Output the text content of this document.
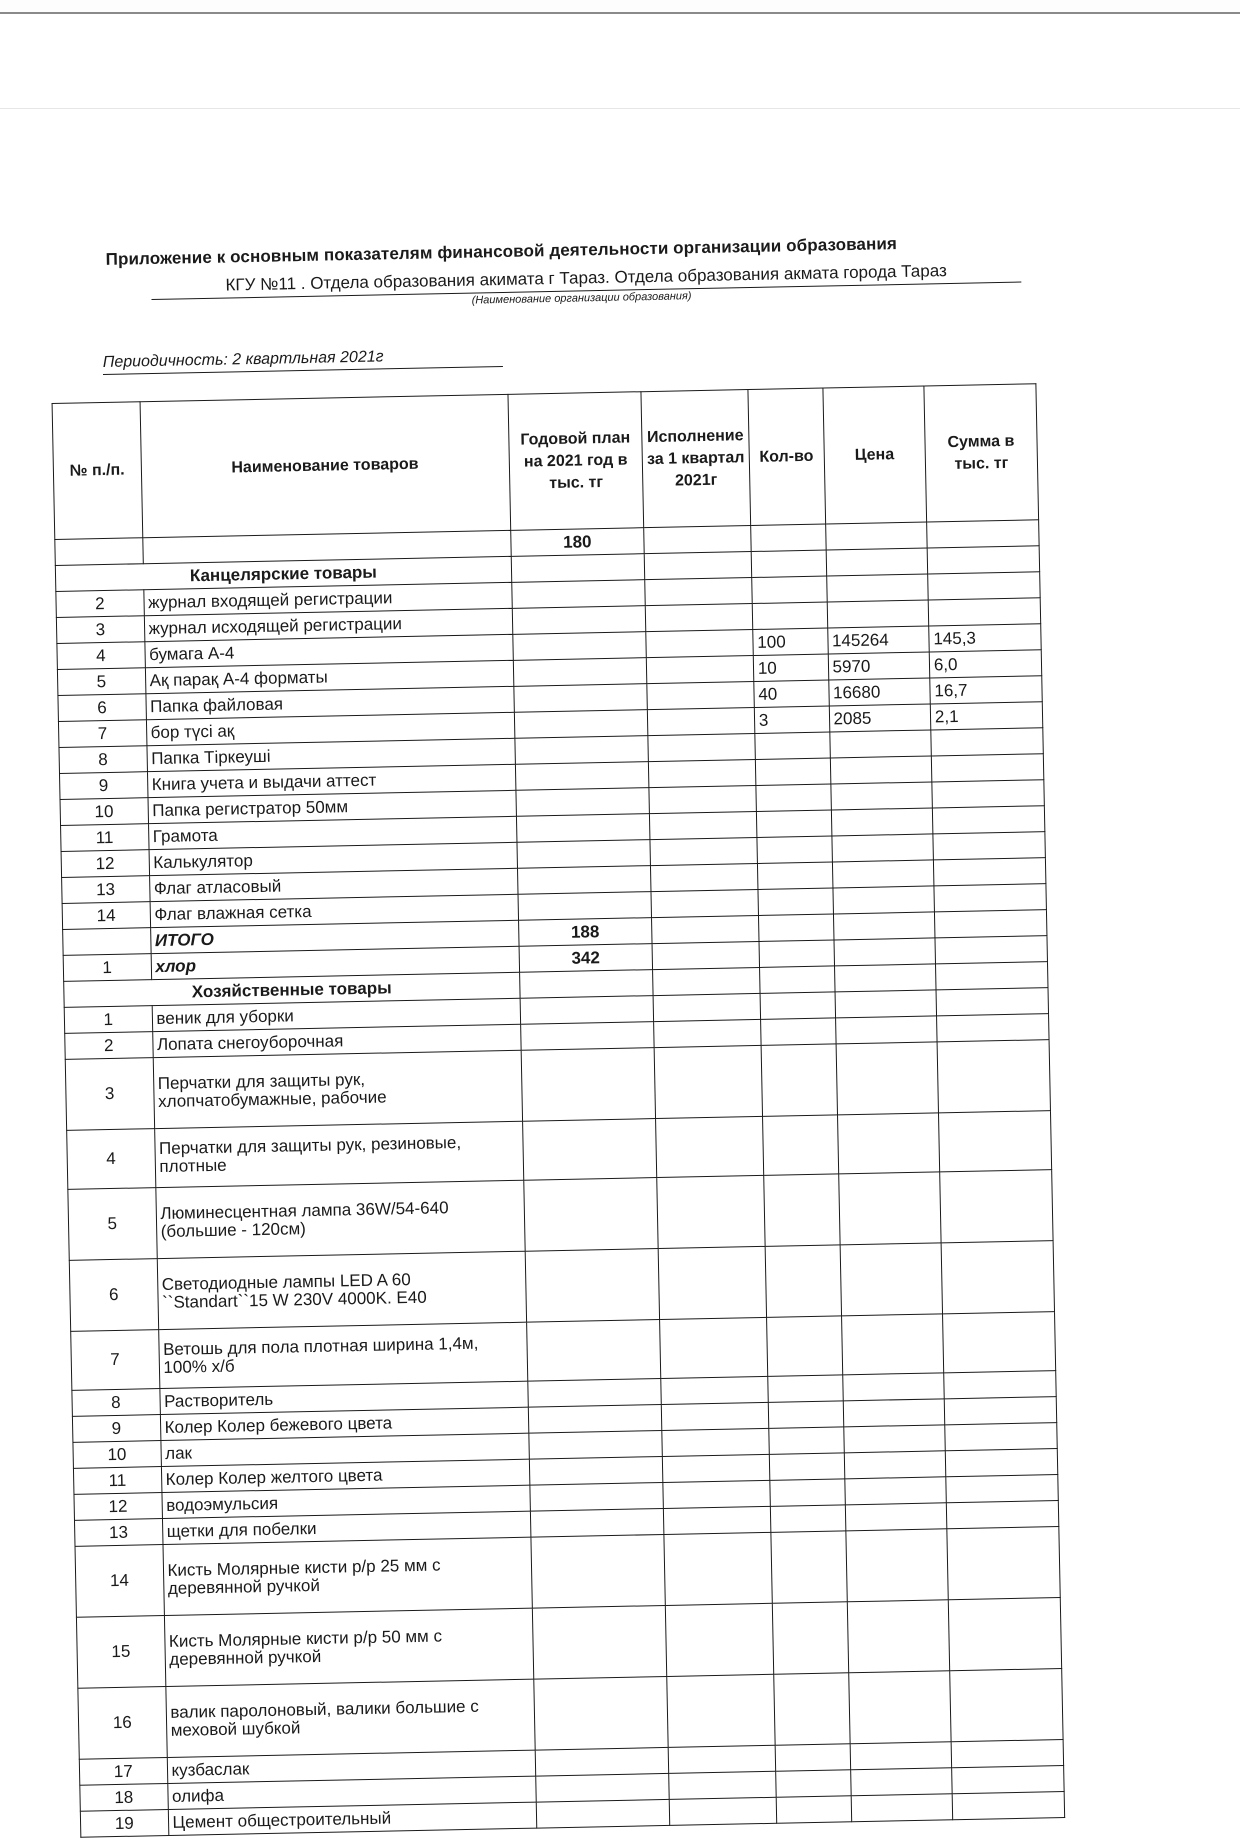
Приложение к основным показателям финансовой деятельности организации образования
КГУ №11 . Отдела образования акимата г Тараз. Отдела образования акмата города Тараз
(Наименование организации образования)
Периодичность: 2 квартльная 2021г
№ п./п.	Наименование товаров	Годовой план на 2021 год в тыс. тг	Исполнение за 1 квартал 2021г	Кол-во	Цена	Сумма в тыс. тг
		180				
Канцелярские товары						
2	журнал входящей регистрации					
3	журнал исходящей регистрации					
4	бумага А-4			100	145264	145,3
5	Ақ парақ А-4 форматы			10	5970	6,0
6	Папка файловая			40	16680	16,7
7	бор түсі ақ			3	2085	2,1
8	Папка Тіркеуші					
9	Книга учета и выдачи аттест					
10	Папка регистратор 50мм					
11	Грамота					
12	Калькулятор					
13	Флаг атласовый					
14	Флаг влажная сетка					
	ИТОГО	188				
1	хлор	342				
Хозяйственные товары						
1	веник для уборки					
2	Лопата снегоуборочная					
3	Перчатки для защиты рук, хлопчатобумажные, рабочие					
4	Перчатки для защиты рук, резиновые, плотные					
5	Люминесцентная лампа 36W/54-640 (большие - 120см)					
6	Светодиодные лампы LED A 60 ``Standart``15 W 230V 4000K. E40					
7	Ветошь для пола плотная ширина 1,4м, 100% х/б					
8	Растворитель					
9	Колер Колер бежевого цвета					
10	лак					
11	Колер Колер желтого цвета					
12	водоэмульсия					
13	щетки для побелки					
14	Кисть Молярные кисти р/р 25 мм с деревянной ручкой					
15	Кисть Молярные кисти р/р 50 мм с деревянной ручкой					
16	валик паролоновый, валики большие с меховой шубкой					
17	кузбаслак					
18	олифа					
19	Цемент общестроительный					
